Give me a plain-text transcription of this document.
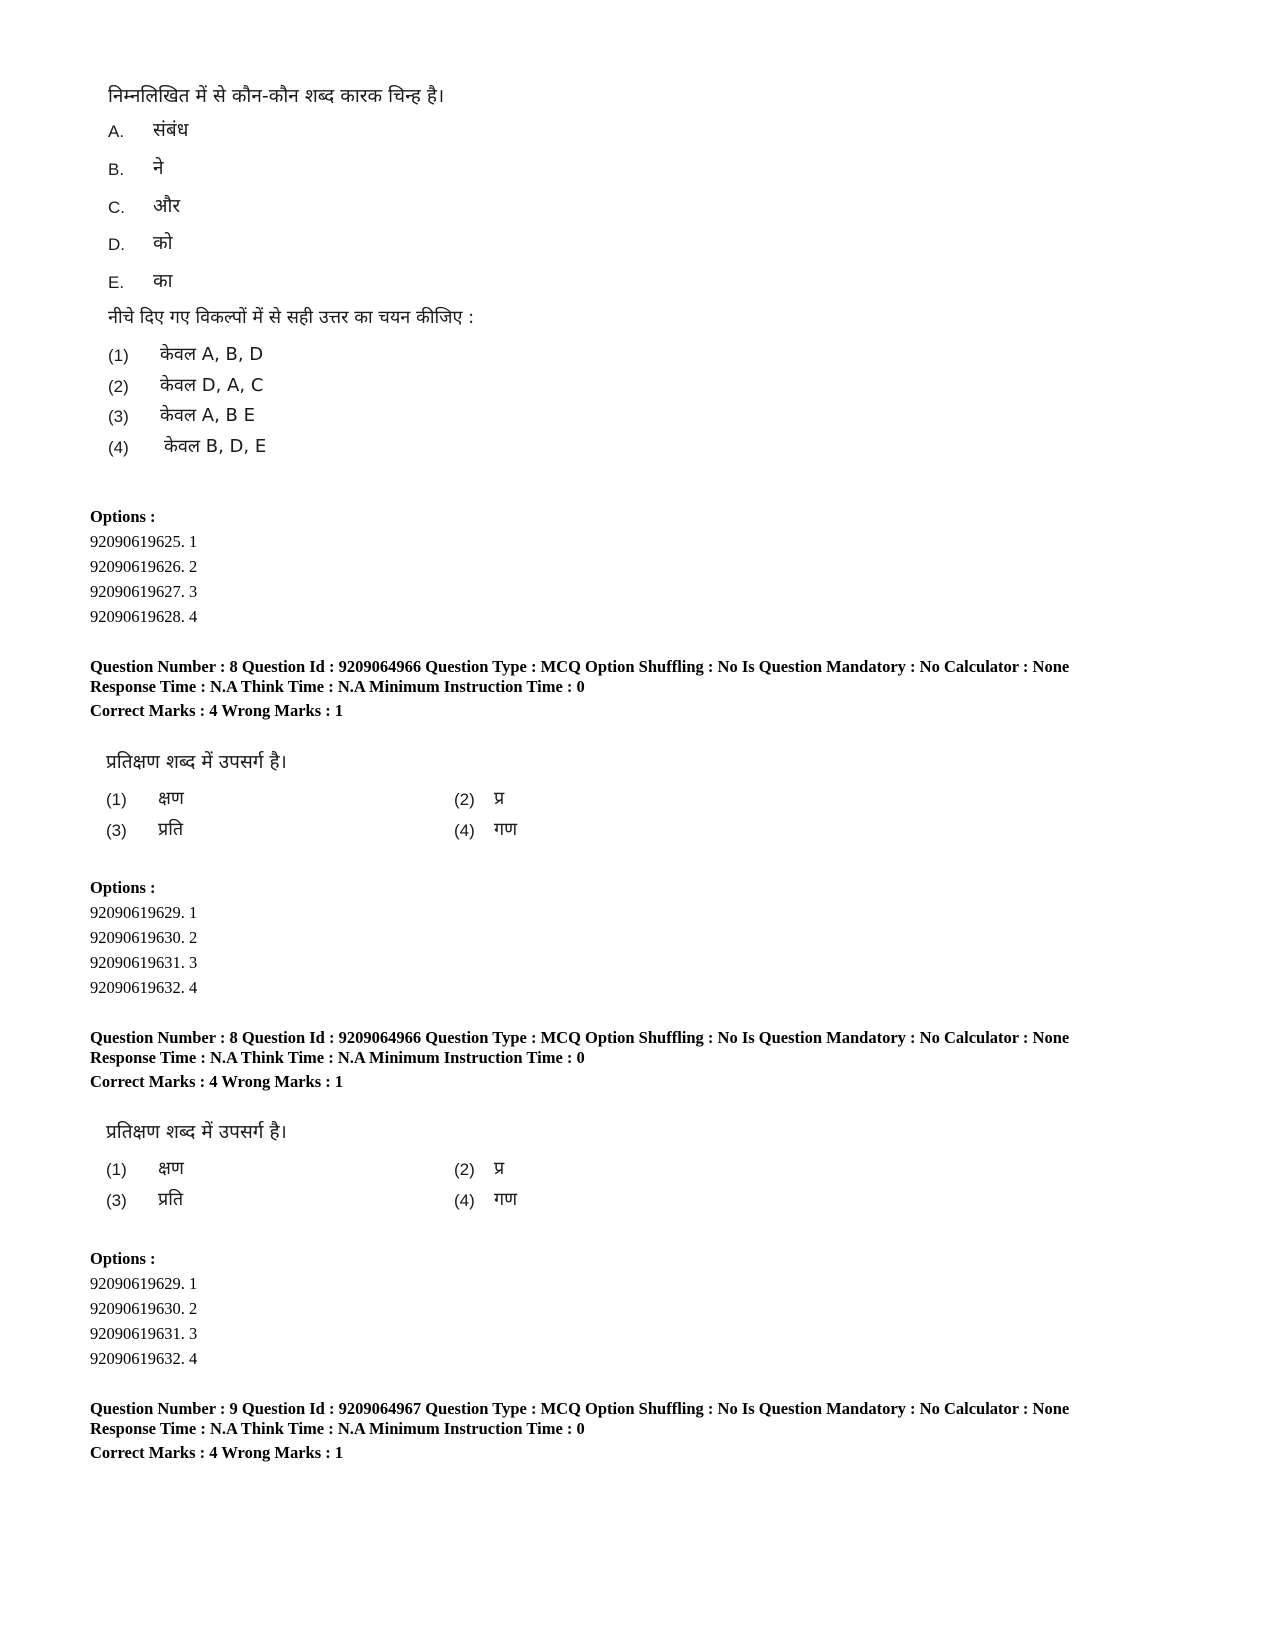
निम्नलिखित में से कौन-कौन शब्द कारक चिन्ह है।
A. संबंध
B. ने
C. और
D. को
E. का
नीचे दिए गए विकल्पों में से सही उत्तर का चयन कीजिए :
(1) केवल A, B, D
(2) केवल D, A, C
(3) केवल A, B E
(4) केवल B, D, E
Options :
92090619625. 1
92090619626. 2
92090619627. 3
92090619628. 4
Question Number : 8 Question Id : 9209064966 Question Type : MCQ Option Shuffling : No Is Question Mandatory : No Calculator : None
Response Time : N.A Think Time : N.A Minimum Instruction Time : 0
Correct Marks : 4 Wrong Marks : 1
प्रतिक्षण शब्द में उपसर्ग है।
(1) क्षण	(2) प्र
(3) प्रति	(4) गण
Options :
92090619629. 1
92090619630. 2
92090619631. 3
92090619632. 4
Question Number : 8 Question Id : 9209064966 Question Type : MCQ Option Shuffling : No Is Question Mandatory : No Calculator : None
Response Time : N.A Think Time : N.A Minimum Instruction Time : 0
Correct Marks : 4 Wrong Marks : 1
प्रतिक्षण शब्द में उपसर्ग है।
(1) क्षण	(2) प्र
(3) प्रति	(4) गण
Options :
92090619629. 1
92090619630. 2
92090619631. 3
92090619632. 4
Question Number : 9 Question Id : 9209064967 Question Type : MCQ Option Shuffling : No Is Question Mandatory : No Calculator : None
Response Time : N.A Think Time : N.A Minimum Instruction Time : 0
Correct Marks : 4 Wrong Marks : 1
